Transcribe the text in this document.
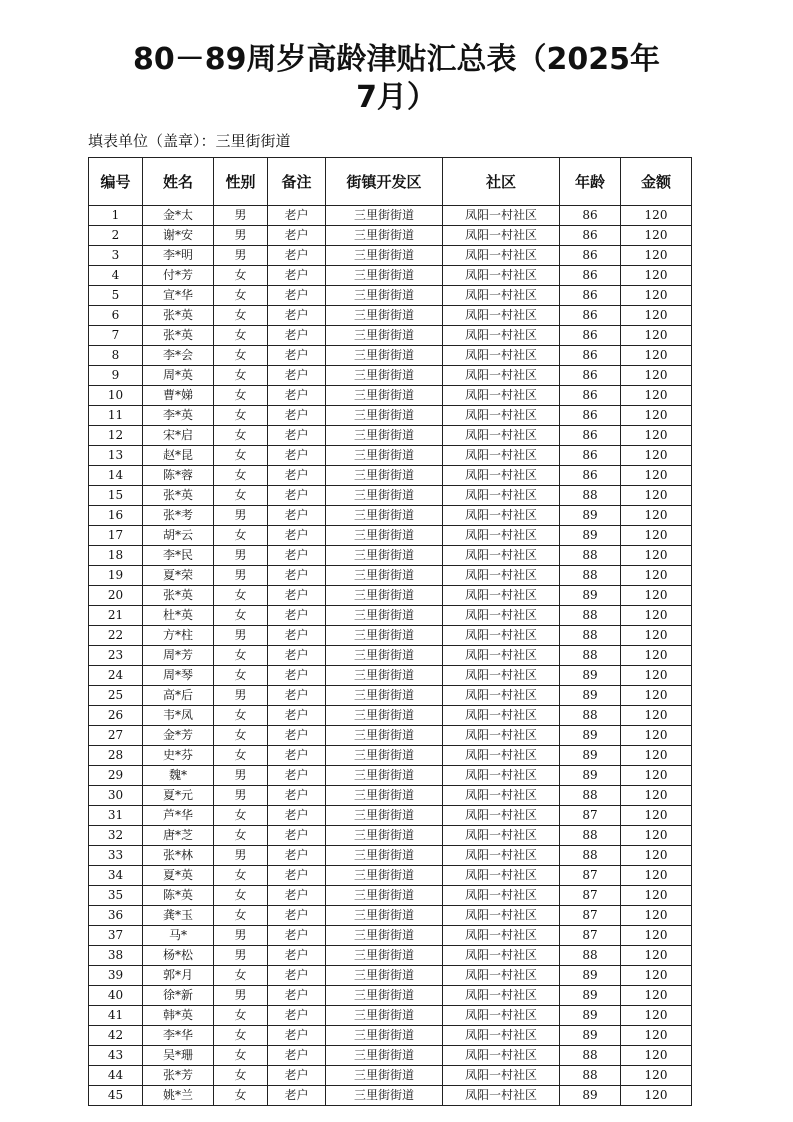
80－89周岁高龄津贴汇总表（2025年
7月）
填表单位（盖章）：三里街街道
编号	姓名	性别	备注	街镇开发区	社区	年龄	金额
1	金*太	男	老户	三里街街道	凤阳一村社区	86	120
2	谢*安	男	老户	三里街街道	凤阳一村社区	86	120
3	李*明	男	老户	三里街街道	凤阳一村社区	86	120
4	付*芳	女	老户	三里街街道	凤阳一村社区	86	120
5	宣*华	女	老户	三里街街道	凤阳一村社区	86	120
6	张*英	女	老户	三里街街道	凤阳一村社区	86	120
7	张*英	女	老户	三里街街道	凤阳一村社区	86	120
8	李*会	女	老户	三里街街道	凤阳一村社区	86	120
9	周*英	女	老户	三里街街道	凤阳一村社区	86	120
10	曹*娣	女	老户	三里街街道	凤阳一村社区	86	120
11	李*英	女	老户	三里街街道	凤阳一村社区	86	120
12	宋*启	女	老户	三里街街道	凤阳一村社区	86	120
13	赵*昆	女	老户	三里街街道	凤阳一村社区	86	120
14	陈*蓉	女	老户	三里街街道	凤阳一村社区	86	120
15	张*英	女	老户	三里街街道	凤阳一村社区	88	120
16	张*考	男	老户	三里街街道	凤阳一村社区	89	120
17	胡*云	女	老户	三里街街道	凤阳一村社区	89	120
18	李*民	男	老户	三里街街道	凤阳一村社区	88	120
19	夏*荣	男	老户	三里街街道	凤阳一村社区	88	120
20	张*英	女	老户	三里街街道	凤阳一村社区	89	120
21	杜*英	女	老户	三里街街道	凤阳一村社区	88	120
22	方*柱	男	老户	三里街街道	凤阳一村社区	88	120
23	周*芳	女	老户	三里街街道	凤阳一村社区	88	120
24	周*琴	女	老户	三里街街道	凤阳一村社区	89	120
25	高*后	男	老户	三里街街道	凤阳一村社区	89	120
26	韦*凤	女	老户	三里街街道	凤阳一村社区	88	120
27	金*芳	女	老户	三里街街道	凤阳一村社区	89	120
28	史*芬	女	老户	三里街街道	凤阳一村社区	89	120
29	魏*	男	老户	三里街街道	凤阳一村社区	89	120
30	夏*元	男	老户	三里街街道	凤阳一村社区	88	120
31	芦*华	女	老户	三里街街道	凤阳一村社区	87	120
32	唐*芝	女	老户	三里街街道	凤阳一村社区	88	120
33	张*林	男	老户	三里街街道	凤阳一村社区	88	120
34	夏*英	女	老户	三里街街道	凤阳一村社区	87	120
35	陈*英	女	老户	三里街街道	凤阳一村社区	87	120
36	龚*玉	女	老户	三里街街道	凤阳一村社区	87	120
37	马*	男	老户	三里街街道	凤阳一村社区	87	120
38	杨*松	男	老户	三里街街道	凤阳一村社区	88	120
39	郭*月	女	老户	三里街街道	凤阳一村社区	89	120
40	徐*新	男	老户	三里街街道	凤阳一村社区	89	120
41	韩*英	女	老户	三里街街道	凤阳一村社区	89	120
42	李*华	女	老户	三里街街道	凤阳一村社区	89	120
43	吴*珊	女	老户	三里街街道	凤阳一村社区	88	120
44	张*芳	女	老户	三里街街道	凤阳一村社区	88	120
45	姚*兰	女	老户	三里街街道	凤阳一村社区	89	120
